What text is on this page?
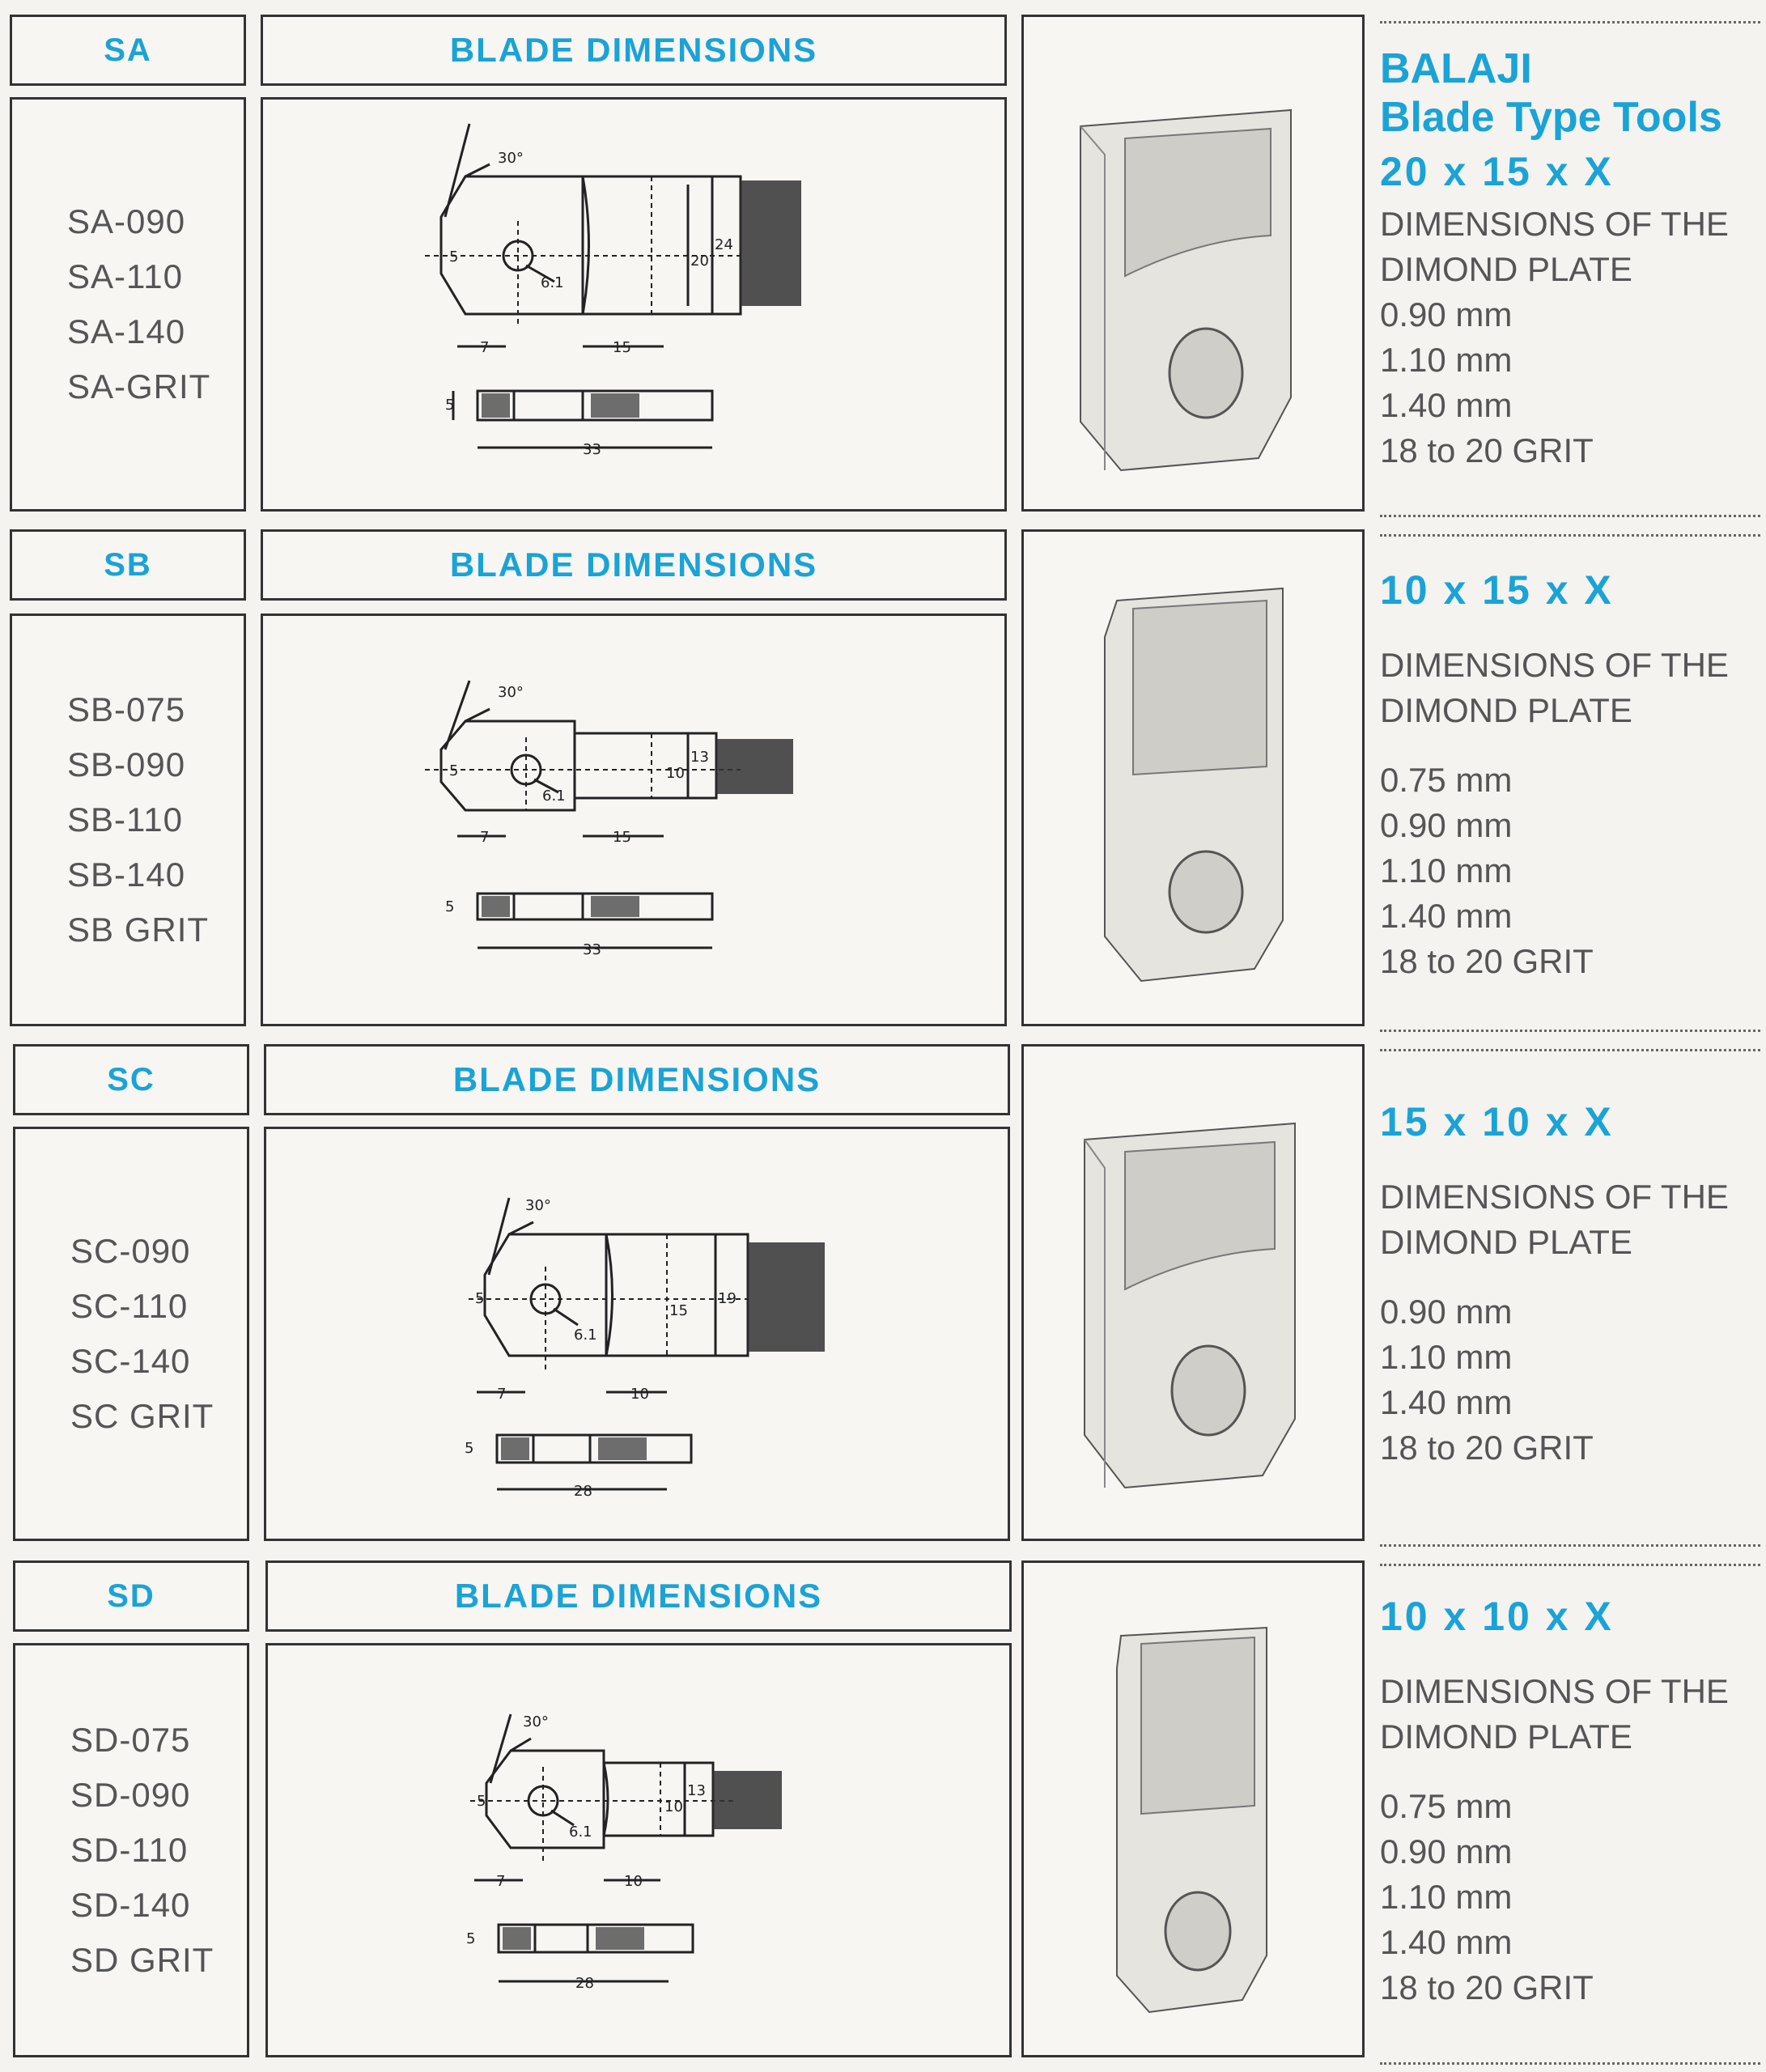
SA	BLADE DIMENSIONS
SA-090
SA-110
SA-140
SA-GRIT
30°
6.1
24
20
5
7	15
33
5
SB	BLADE DIMENSIONS
SB-075
SB-090
SB-110
SB-140
SB GRIT
30°
6.1
13
10
5
7	15
33
5
SC	BLADE DIMENSIONS
SC-090
SC-110
SC-140
SC GRIT
30°
6.1
19
15
5
7	10
28
5
SD	BLADE DIMENSIONS
SD-075
SD-090
SD-110
SD-140
SD GRIT
30°
6.1
13
10
5
7	10
28
5
BALAJI
Blade Type Tools
20 x 15 x X
DIMENSIONS OF THE
DIMOND PLATE
0.90 mm
1.10 mm
1.40 mm
18 to 20 GRIT
10 x 15 x X
DIMENSIONS OF THE
DIMOND PLATE
0.75 mm
0.90 mm
1.10 mm
1.40 mm
18 to 20 GRIT
15 x 10 x X
DIMENSIONS OF THE
DIMOND PLATE
0.90 mm
1.10 mm
1.40 mm
18 to 20 GRIT
10 x 10 x X
DIMENSIONS OF THE
DIMOND PLATE
0.75 mm
0.90 mm
1.10 mm
1.40 mm
18 to 20 GRIT
